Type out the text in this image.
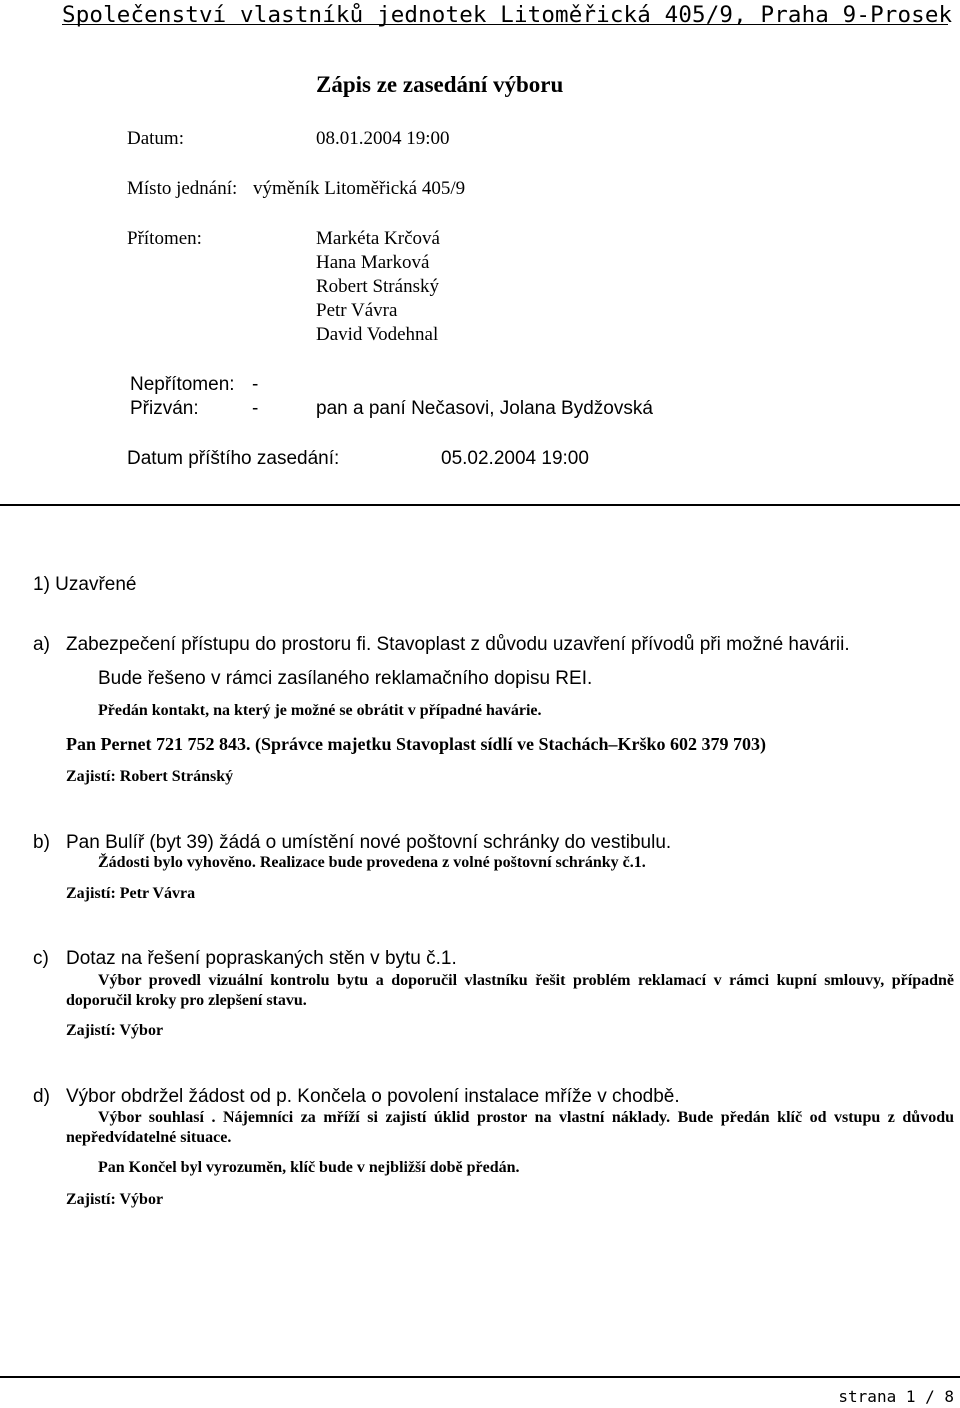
Společenství vlastníků jednotek Litoměřická 405/9, Praha 9-Prosek
Zápis ze zasedání výboru
Datum:	08.01.2004 19:00
Místo jednání: výměník Litoměřická 405/9
Přítomen:	Markéta Krčová
Hana Marková
Robert Stránský
Petr Vávra
David Vodehnal
Nepřítomen: -
Přizván:	-	pan a paní Nečasovi, Jolana Bydžovská
Datum příštího zasedání:	05.02.2004 19:00
1) Uzavřené
a) Zabezpečení přístupu do prostoru fi. Stavoplast z důvodu uzavření přívodů při možné havárii.
Bude řešeno v rámci zasílaného reklamačního dopisu REI.
Předán kontakt, na který je možné se obrátit v případné havárie.
Pan Pernet 721 752 843. (Správce majetku Stavoplast sídlí ve Stachách–Krško 602 379 703)
Zajistí: Robert Stránský
b) Pan Bulíř (byt 39) žádá o umístění nové poštovní schránky do vestibulu.
Žádosti bylo vyhověno. Realizace bude provedena z volné poštovní schránky č.1.
Zajistí: Petr Vávra
c) Dotaz na řešení popraskaných stěn v bytu č.1.
Výbor provedl vizuální kontrolu bytu a doporučil vlastníku řešit problém reklamací v rámci kupní smlouvy, případně doporučil kroky pro zlepšení stavu.
Zajistí: Výbor
d) Výbor obdržel žádost od p. Končela o povolení instalace mříže v chodbě.
Výbor souhlasí . Nájemníci za mříží si zajistí úklid prostor na vlastní náklady. Bude předán klíč od vstupu z důvodu nepředvídatelné situace.
Pan Končel byl vyrozuměn, klíč bude v nejbližší době předán.
Zajistí: Výbor
strana 1 / 8
